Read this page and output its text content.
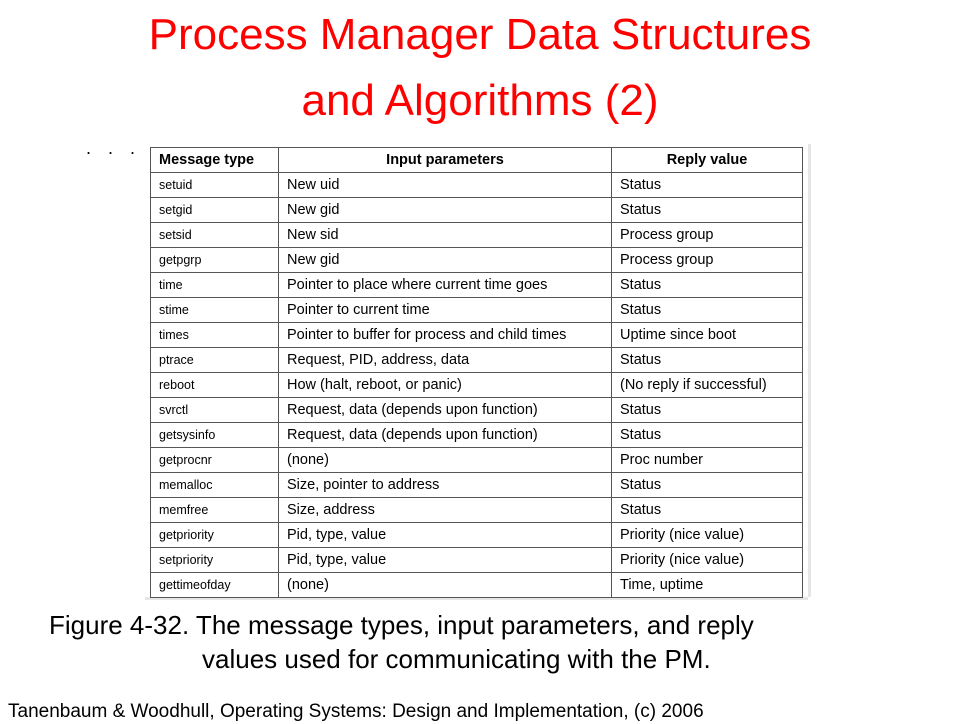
Process Manager Data Structures
and Algorithms (2)
. . .
Message type	Input parameters	Reply value
setuid	New uid	Status
setgid	New gid	Status
setsid	New sid	Process group
getpgrp	New gid	Process group
time	Pointer to place where current time goes	Status
stime	Pointer to current time	Status
times	Pointer to buffer for process and child times	Uptime since boot
ptrace	Request, PID, address, data	Status
reboot	How (halt, reboot, or panic)	(No reply if successful)
svrctl	Request, data (depends upon function)	Status
getsysinfo	Request, data (depends upon function)	Status
getprocnr	(none)	Proc number
memalloc	Size, pointer to address	Status
memfree	Size, address	Status
getpriority	Pid, type, value	Priority (nice value)
setpriority	Pid, type, value	Priority (nice value)
gettimeofday	(none)	Time, uptime
Figure 4-32. The message types, input parameters, and reply
values used for communicating with the PM.
Tanenbaum & Woodhull, Operating Systems: Design and Implementation, (c) 2006
